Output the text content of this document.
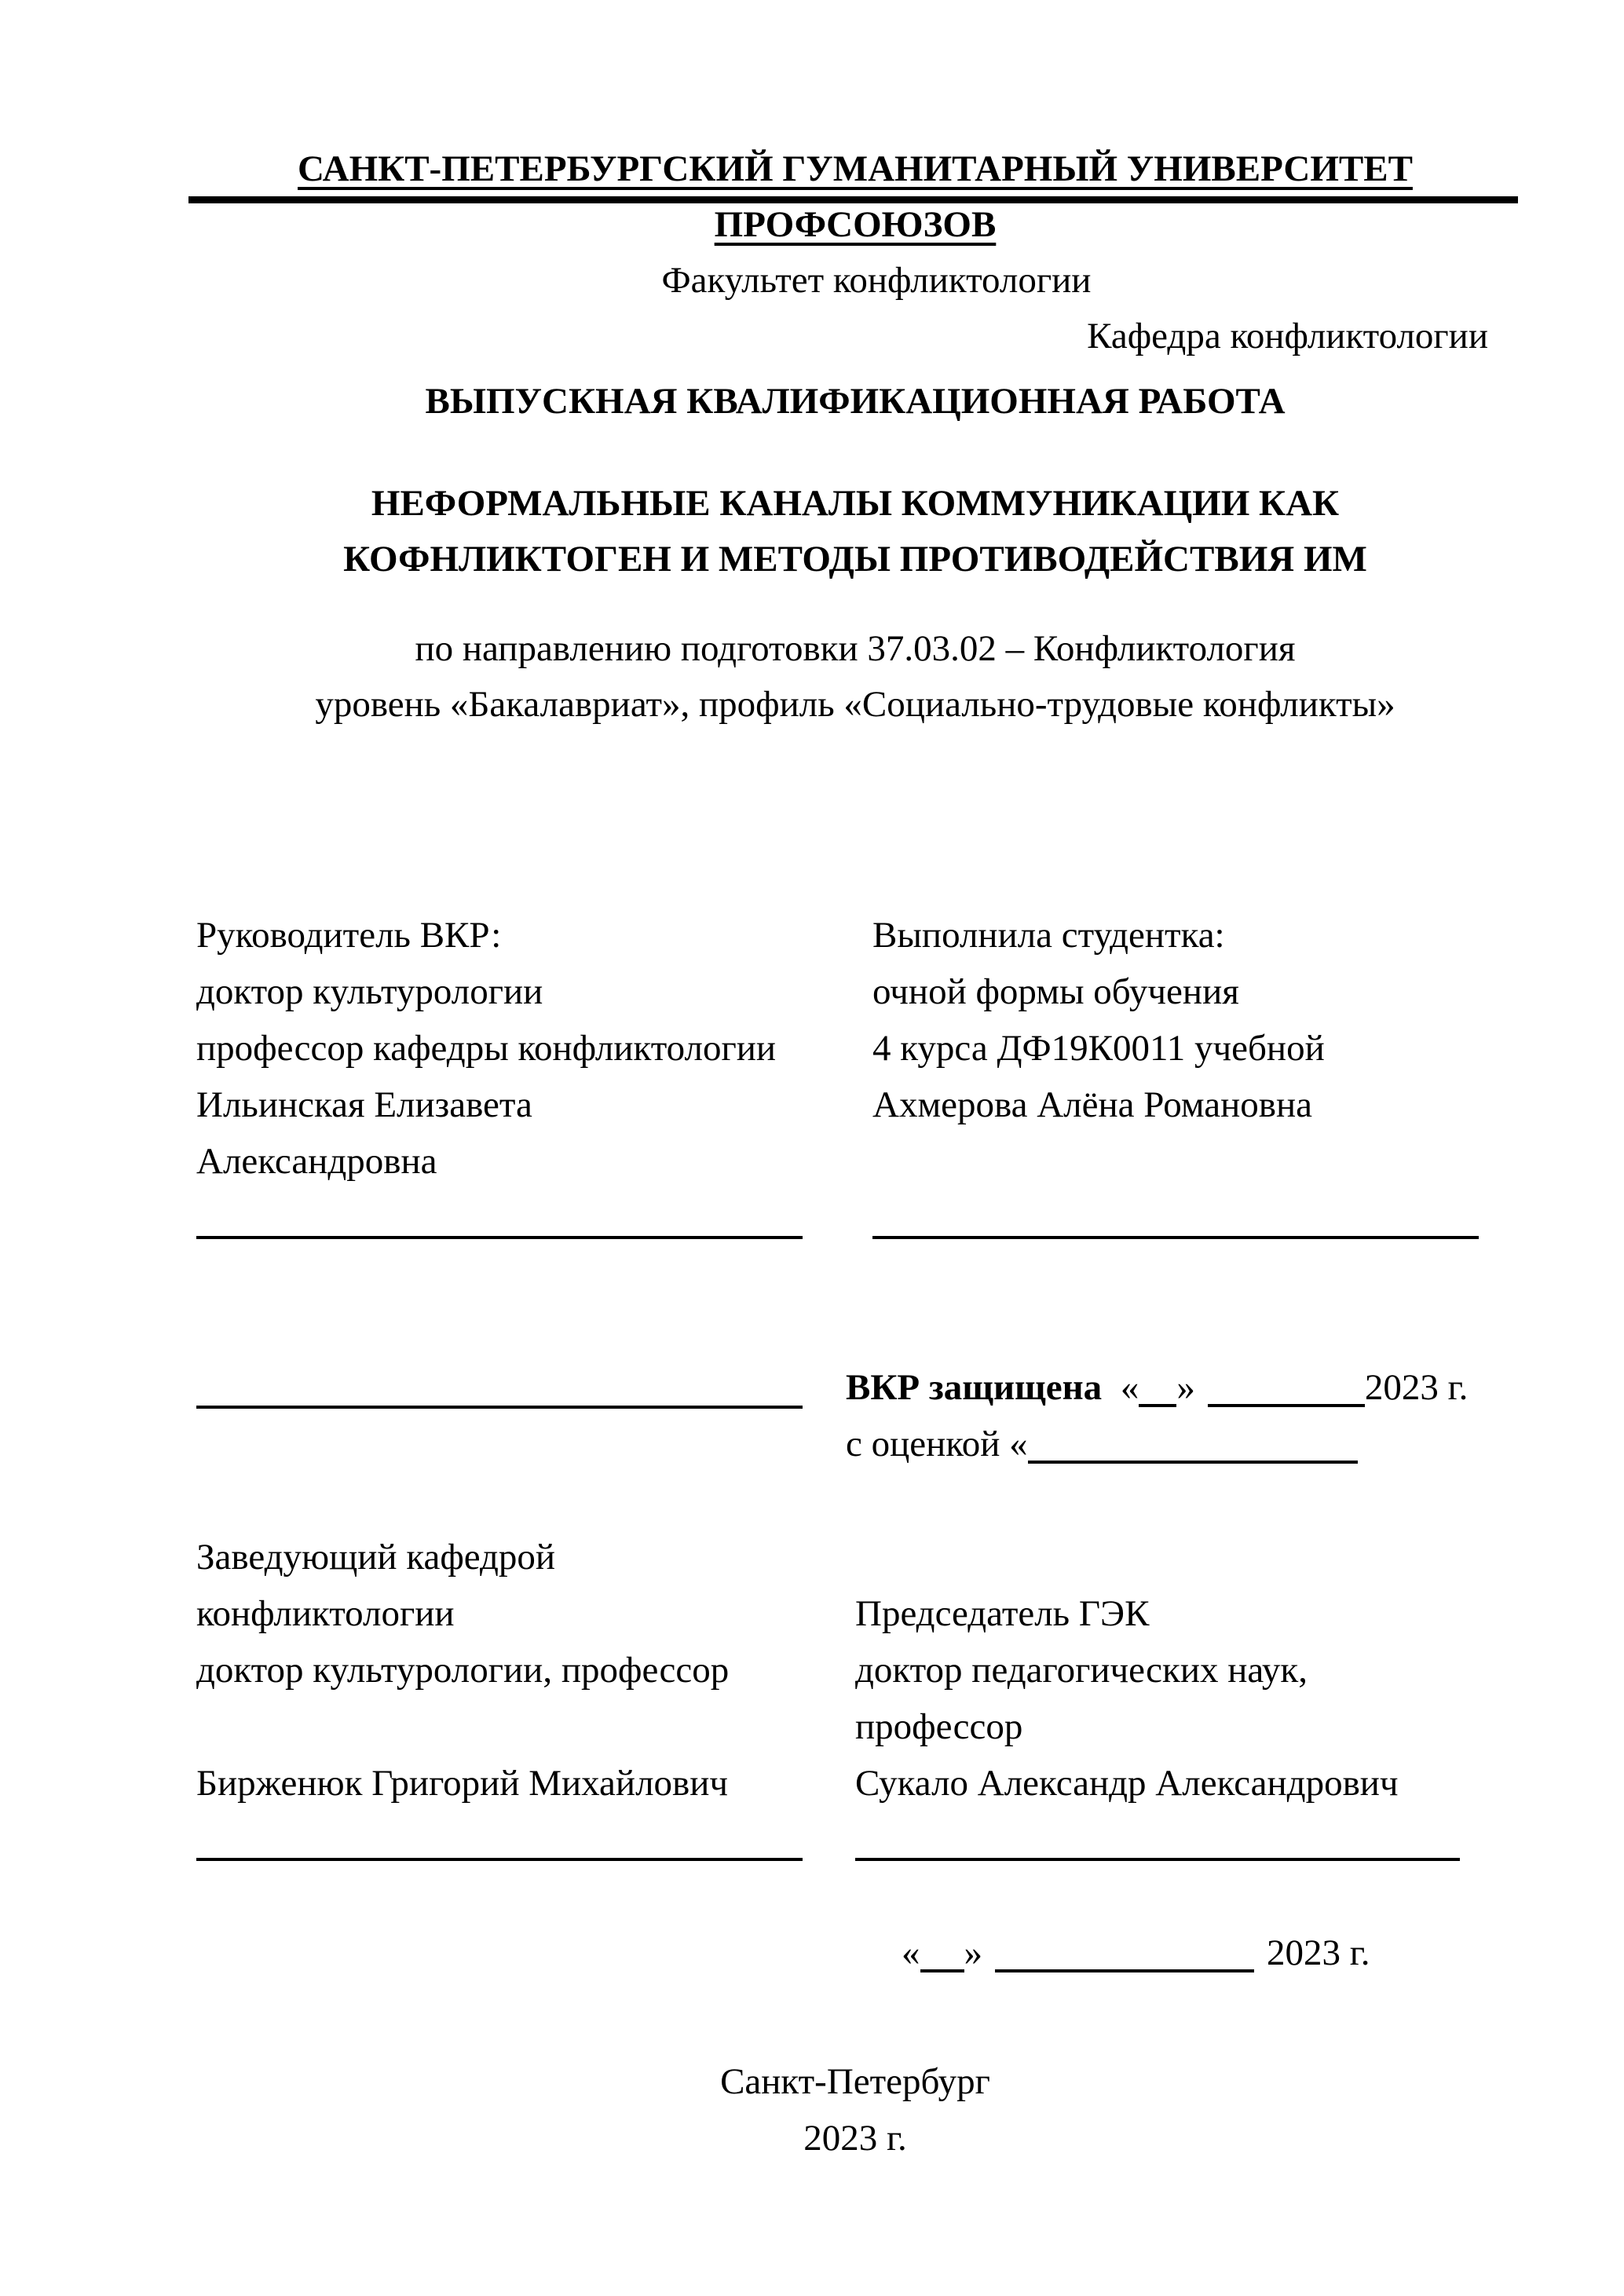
САНКТ-ПЕТЕРБУРГСКИЙ ГУМАНИТАРНЫЙ УНИВЕРСИТЕТ ПРОФСОЮЗОВ
Факультет конфликтологии
Кафедра конфликтологии
ВЫПУСКНАЯ КВАЛИФИКАЦИОННАЯ РАБОТА
НЕФОРМАЛЬНЫЕ КАНАЛЫ КОММУНИКАЦИИ КАК
КОФНЛИКТОГЕН И МЕТОДЫ ПРОТИВОДЕЙСТВИЯ ИМ
по направлению подготовки 37.03.02 – Конфликтология
уровень «Бакалавриат», профиль «Социально-трудовые конфликты»
Руководитель ВКР:	Выполнила студентка:
доктор культурологии	очной формы обучения
профессор кафедры конфликтологии	4 курса ДФ19К0011 учебной
Ильинская Елизавета	Ахмерова Алёна Романовна
Александровна
ВКР защищена « »	2023 г.
с оценкой «
Заведующий кафедрой
конфликтологии	Председатель ГЭК
доктор культурологии, профессор	доктор педагогических наук,
профессор
Бирженюк Григорий Михайлович	Сукало Александр Александрович
« »	2023 г.
Санкт-Петербург
2023 г.
